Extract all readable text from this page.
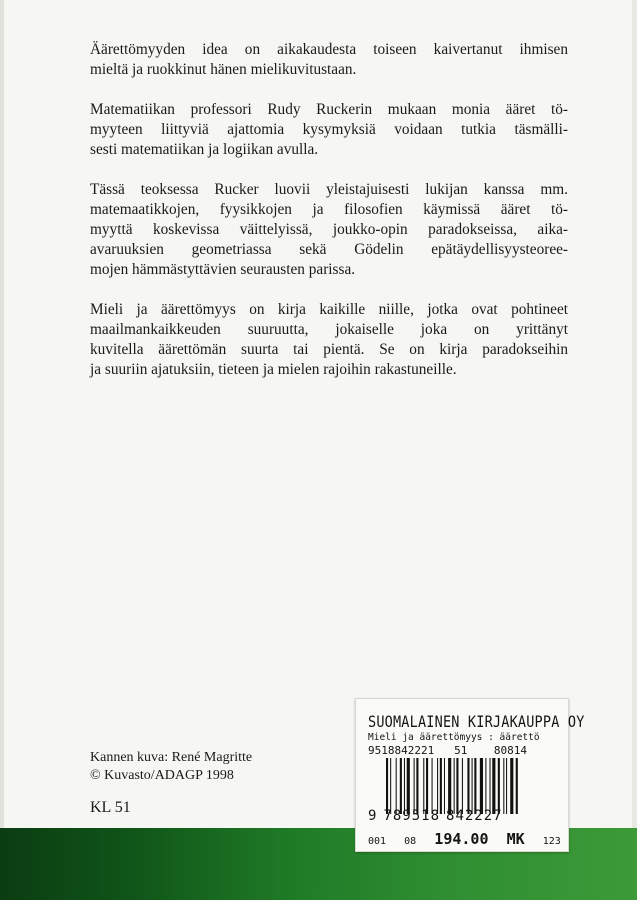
Äärettömyyden idea on aikakaudesta toiseen kaivertanut ihmisen
mieltä ja ruokkinut hänen mielikuvitustaan.

Matematiikan professori Rudy Ruckerin mukaan monia ääret tö-
myyteen liittyviä ajattomia kysymyksiä voidaan tutkia täsmälli-
sesti matematiikan ja logiikan avulla.

Tässä teoksessa Rucker luovii yleistajuisesti lukijan kanssa mm.
matemaatikkojen, fyysikkojen ja filosofien käymissä ääret tö-
myyttä koskevissa väittelyissä, joukko-opin paradokseissa, aika-
avaruuksien geometriassa sekä Gödelin epätäydellisyysteoree-
mojen hämmästyttävien seurausten parissa.

Mieli ja äärettömyys on kirja kaikille niille, jotka ovat pohtineet
maailmankaikkeuden suuruutta, jokaiselle joka on yrittänyt
kuvitella äärettömän suurta tai pientä. Se on kirja paradokseihin
ja suuriin ajatuksiin, tieteen ja mielen rajoihin rakastuneille.

Kannen kuva: René Magritte
© Kuvasto/ADAGP 1998
KL 51
SUOMALAINEN KIRJAKAUPPA OY
Mieli ja äärettömyys : äärettö
9518842221 51 80814
9 789518 842227
001 08 194.00 MK 123
